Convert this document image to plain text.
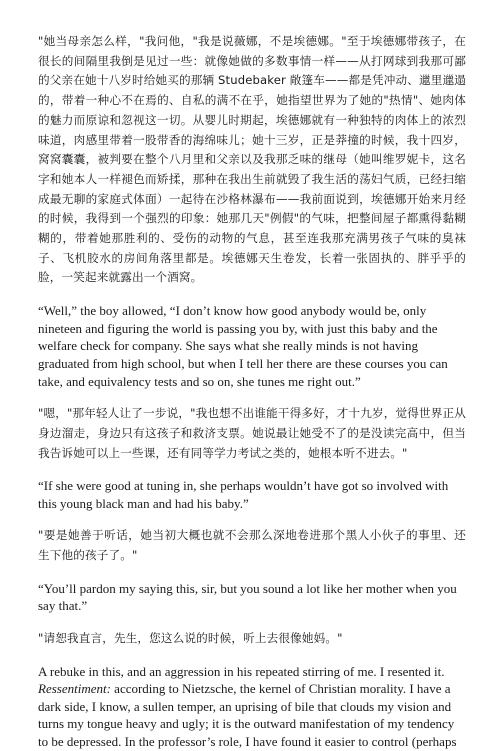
"她当母亲怎么样，"我问他，"我是说薇娜，不是埃德娜。"至于埃德娜带孩子，在很长的间隔里我倒是见过一些：就像她做的多数事情一样——从打网球到我那可鄙的父亲在她十八岁时给她买的那辆 Studebaker 敞篷车——都是凭冲动、邋里邋遢的，带着一种心不在焉的、自私的满不在乎，她指望世界为了她的"热情"、她肉体的魅力而原谅和忽视这一切。从婴儿时期起，埃德娜就有一种独特的肉体上的浓烈味道，肉感里带着一股带香的海绵味儿；她十三岁，正是莽撞的时候，我十四岁，窝窝囊囊，被判要在整个八月里和父亲以及我那乏味的继母（她叫维罗妮卡，这名字和她本人一样褪色而矫揉，那种在我出生前就毁了我生活的荡妇气质，已经扫缩成最无聊的家庭式体面）一起待在沙格林瀑布——我前面说到，埃德娜开始来月经的时候，我得到一个强烈的印象：她那几天"例假"的气味，把整间屋子都熏得黏糊糊的，带着她那胜利的、受伤的动物的气息，甚至连我那充满男孩子气味的臭袜子、飞机胶水的房间角落里都是。埃德娜天生卷发，长着一张固执的、胖乎乎的脸，一笑起来就露出一个酒窝。

“Well,” the boy allowed, “I don’t know how good anybody would be, only nineteen and figuring the world is passing you by, with just this baby and the welfare check for company. She says what she really minds is not having graduated from high school, but when I tell her there are these courses you can take, and equivalency tests and so on, she tunes me right out.”

"嗯，"那年轻人让了一步说，"我也想不出谁能干得多好，才十九岁，觉得世界正从身边溜走，身边只有这孩子和救济支票。她说最让她受不了的是没读完高中，但当我告诉她可以上一些课，还有同等学力考试之类的，她根本听不进去。"

“If she were good at tuning in, she perhaps wouldn’t have got so involved with this young black man and had his baby.”

"要是她善于听话，她当初大概也就不会那么深地卷进那个黑人小伙子的事里、还生下他的孩子了。"

“You’ll pardon my saying this, sir, but you sound a lot like her mother when you say that.”

"请恕我直言，先生，您这么说的时候，听上去很像她妈。"

A rebuke in this, and an aggression in his repeated stirring of me. I resented it. Ressentiment: according to Nietzsche, the kernel of Christian morality. I have a dark side, I know, a sullen temper, an uprising of bile that clouds my vision and turns my tongue heavy and ugly; it is the outward manifestation of my tendency to be depressed. In the professor’s role, I have found it easier to control (perhaps
